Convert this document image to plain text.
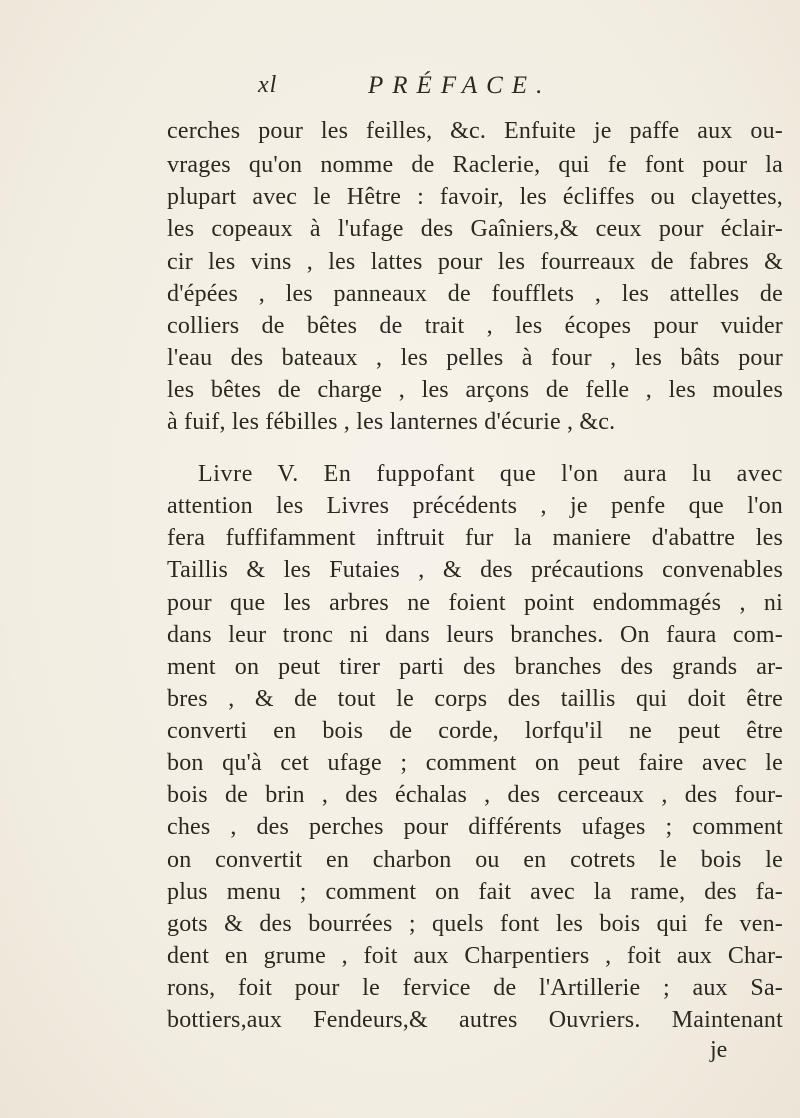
xl	PRÉFACE.
cerches pour les feilles, &c. Enfuite je paffe aux ou-
vrages qu'on nomme de Raclerie, qui fe font pour la
plupart avec le Hêtre : favoir, les écliffes ou clayettes,
les copeaux à l'ufage des Gaîniers,& ceux pour éclair-
cir les vins , les lattes pour les fourreaux de fabres &
d'épées , les panneaux de foufflets , les attelles de
colliers de bêtes de trait , les écopes pour vuider
l'eau des bateaux , les pelles à four , les bâts pour
les bêtes de charge , les arçons de felle , les moules
à fuif, les fébilles , les lanternes d'écurie , &c.
Livre V. En fuppofant que l'on aura lu avec
attention les Livres précédents , je penfe que l'on
fera fuffifamment inftruit fur la maniere d'abattre les
Taillis & les Futaies , & des précautions convenables
pour que les arbres ne foient point endommagés , ni
dans leur tronc ni dans leurs branches. On faura com-
ment on peut tirer parti des branches des grands ar-
bres , & de tout le corps des taillis qui doit être
converti en bois de corde, lorfqu'il ne peut être
bon qu'à cet ufage ; comment on peut faire avec le
bois de brin , des échalas , des cerceaux , des four-
ches , des perches pour différents ufages ; comment
on convertit en charbon ou en cotrets le bois le
plus menu ; comment on fait avec la rame, des fa-
gots & des bourrées ; quels font les bois qui fe ven-
dent en grume , foit aux Charpentiers , foit aux Char-
rons, foit pour le fervice de l'Artillerie ; aux Sa-
bottiers,aux Fendeurs,& autres Ouvriers. Maintenant
je
